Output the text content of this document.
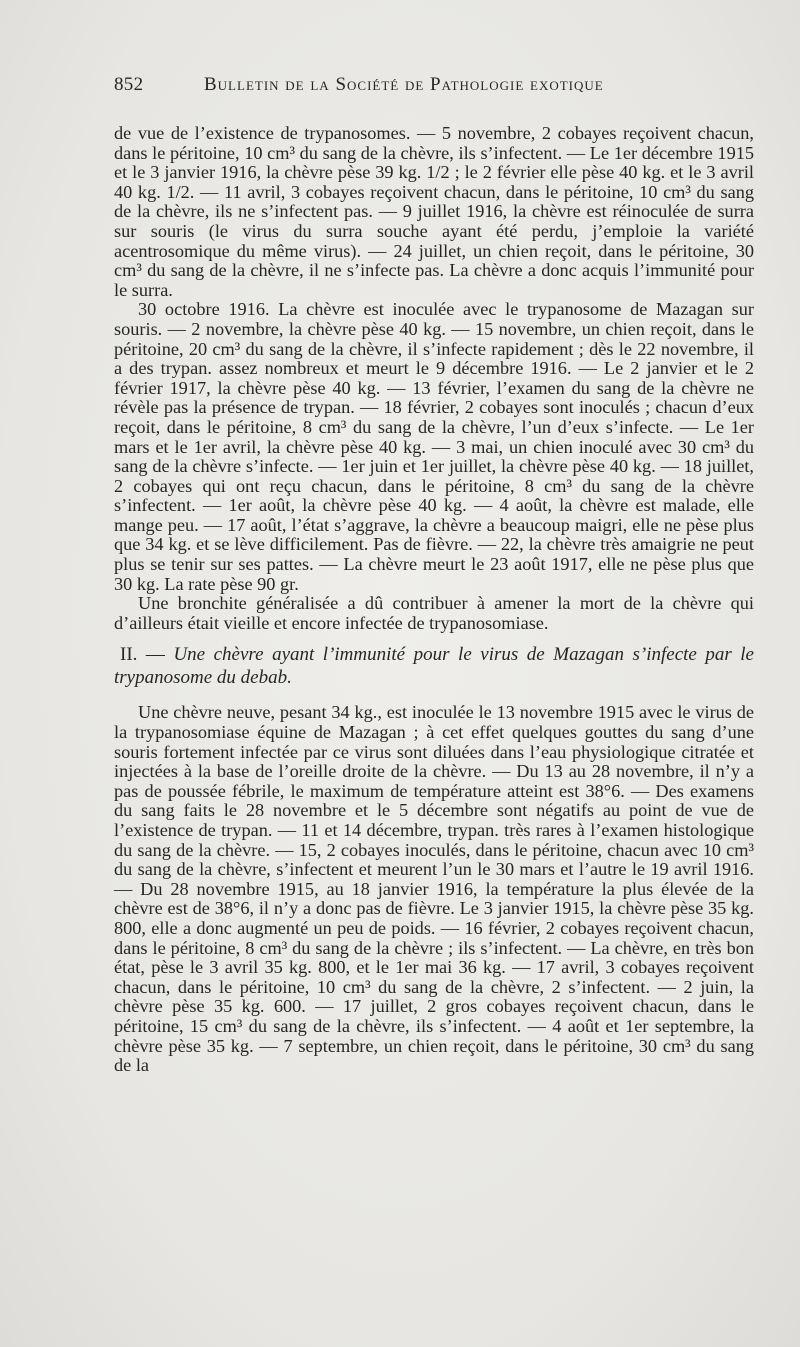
852	Bulletin de la Société de Pathologie exotique

de vue de l’existence de trypanosomes. — 5 novembre, 2 cobayes reçoivent chacun, dans le péritoine, 10 cm³ du sang de la chèvre, ils s’infectent. — Le 1er décembre 1915 et le 3 janvier 1916, la chèvre pèse 39 kg. 1/2 ; le 2 février elle pèse 40 kg. et le 3 avril 40 kg. 1/2. — 11 avril, 3 cobayes reçoivent chacun, dans le péritoine, 10 cm³ du sang de la chèvre, ils ne s’infectent pas. — 9 juillet 1916, la chèvre est réinoculée de surra sur souris (le virus du surra souche ayant été perdu, j’emploie la variété acentrosomique du même virus). — 24 juillet, un chien reçoit, dans le péritoine, 30 cm³ du sang de la chèvre, il ne s’infecte pas. La chèvre a donc acquis l’immunité pour le surra.

30 octobre 1916. La chèvre est inoculée avec le trypanosome de Mazagan sur souris. — 2 novembre, la chèvre pèse 40 kg. — 15 novembre, un chien reçoit, dans le péritoine, 20 cm³ du sang de la chèvre, il s’infecte rapidement ; dès le 22 novembre, il a des trypan. assez nombreux et meurt le 9 décembre 1916. — Le 2 janvier et le 2 février 1917, la chèvre pèse 40 kg. — 13 février, l’examen du sang de la chèvre ne révèle pas la présence de trypan. — 18 février, 2 cobayes sont inoculés ; chacun d’eux reçoit, dans le péritoine, 8 cm³ du sang de la chèvre, l’un d’eux s’infecte. — Le 1er mars et le 1er avril, la chèvre pèse 40 kg. — 3 mai, un chien inoculé avec 30 cm³ du sang de la chèvre s’infecte. — 1er juin et 1er juillet, la chèvre pèse 40 kg. — 18 juillet, 2 cobayes qui ont reçu chacun, dans le péritoine, 8 cm³ du sang de la chèvre s’infectent. — 1er août, la chèvre pèse 40 kg. — 4 août, la chèvre est malade, elle mange peu. — 17 août, l’état s’aggrave, la chèvre a beaucoup maigri, elle ne pèse plus que 34 kg. et se lève difficilement. Pas de fièvre. — 22, la chèvre très amaigrie ne peut plus se tenir sur ses pattes. — La chèvre meurt le 23 août 1917, elle ne pèse plus que 30 kg. La rate pèse 90 gr.

Une bronchite généralisée a dû contribuer à amener la mort de la chèvre qui d’ailleurs était vieille et encore infectée de trypanosomiase.

II. — Une chèvre ayant l’immunité pour le virus de Mazagan s’infecte par le trypanosome du debab.

Une chèvre neuve, pesant 34 kg., est inoculée le 13 novembre 1915 avec le virus de la trypanosomiase équine de Mazagan ; à cet effet quelques gouttes du sang d’une souris fortement infectée par ce virus sont diluées dans l’eau physiologique citratée et injectées à la base de l’oreille droite de la chèvre. — Du 13 au 28 novembre, il n’y a pas de poussée fébrile, le maximum de température atteint est 38°6. — Des examens du sang faits le 28 novembre et le 5 décembre sont négatifs au point de vue de l’existence de trypan. — 11 et 14 décembre, trypan. très rares à l’examen histologique du sang de la chèvre. — 15, 2 cobayes inoculés, dans le péritoine, chacun avec 10 cm³ du sang de la chèvre, s’infectent et meurent l’un le 30 mars et l’autre le 19 avril 1916. — Du 28 novembre 1915, au 18 janvier 1916, la température la plus élevée de la chèvre est de 38°6, il n’y a donc pas de fièvre. Le 3 janvier 1915, la chèvre pèse 35 kg. 800, elle a donc augmenté un peu de poids. — 16 février, 2 cobayes reçoivent chacun, dans le péritoine, 8 cm³ du sang de la chèvre ; ils s’infectent. — La chèvre, en très bon état, pèse le 3 avril 35 kg. 800, et le 1er mai 36 kg. — 17 avril, 3 cobayes reçoivent chacun, dans le péritoine, 10 cm³ du sang de la chèvre, 2 s’infectent. — 2 juin, la chèvre pèse 35 kg. 600. — 17 juillet, 2 gros cobayes reçoivent chacun, dans le péritoine, 15 cm³ du sang de la chèvre, ils s’infectent. — 4 août et 1er septembre, la chèvre pèse 35 kg. — 7 septembre, un chien reçoit, dans le péritoine, 30 cm³ du sang de la
